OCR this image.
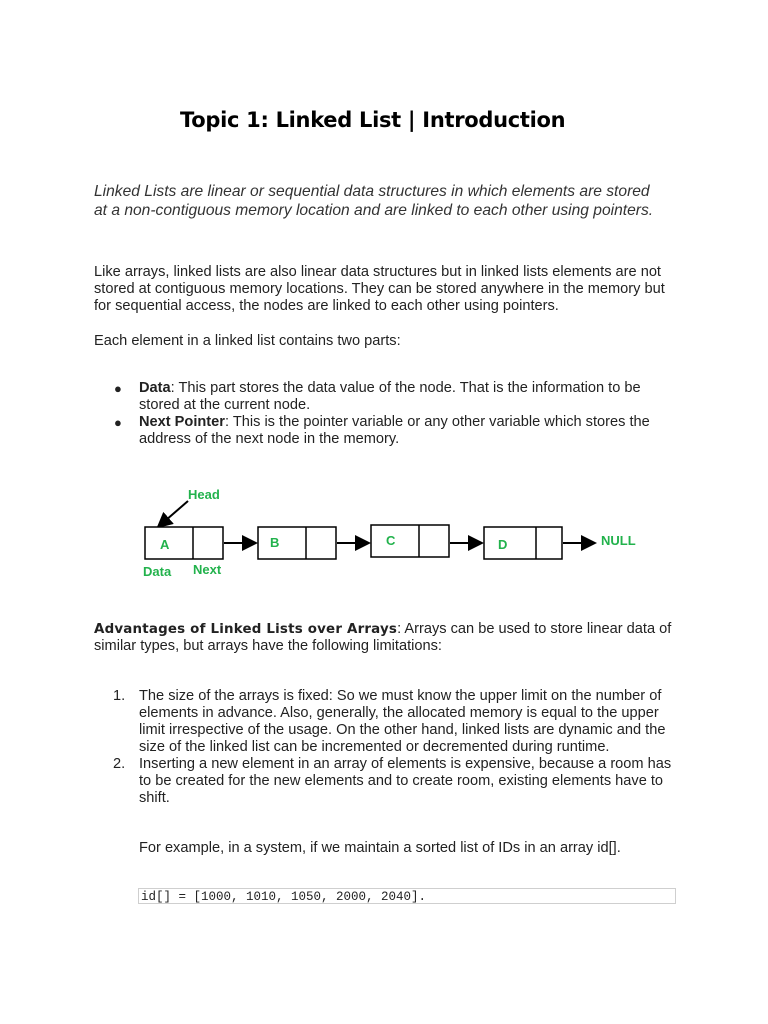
Topic 1: Linked List | Introduction
Linked Lists are linear or sequential data structures in which elements are stored at a non-contiguous memory location and are linked to each other using pointers.
Like arrays, linked lists are also linear data structures but in linked lists elements are not stored at contiguous memory locations. They can be stored anywhere in the memory but for sequential access, the nodes are linked to each other using pointers.
Each element in a linked list contains two parts:
● Data: This part stores the data value of the node. That is the information to be stored at the current node.
● Next Pointer: This is the pointer variable or any other variable which stores the address of the next node in the memory.
Head
A	B	C	D	NULL
Data Next
Advantages of Linked Lists over Arrays: Arrays can be used to store linear data of similar types, but arrays have the following limitations:
1. The size of the arrays is fixed: So we must know the upper limit on the number of elements in advance. Also, generally, the allocated memory is equal to the upper limit irrespective of the usage. On the other hand, linked lists are dynamic and the size of the linked list can be incremented or decremented during runtime.
2. Inserting a new element in an array of elements is expensive, because a room has to be created for the new elements and to create room, existing elements have to shift.
For example, in a system, if we maintain a sorted list of IDs in an array id[].
id[] = [1000, 1010, 1050, 2000, 2040].
